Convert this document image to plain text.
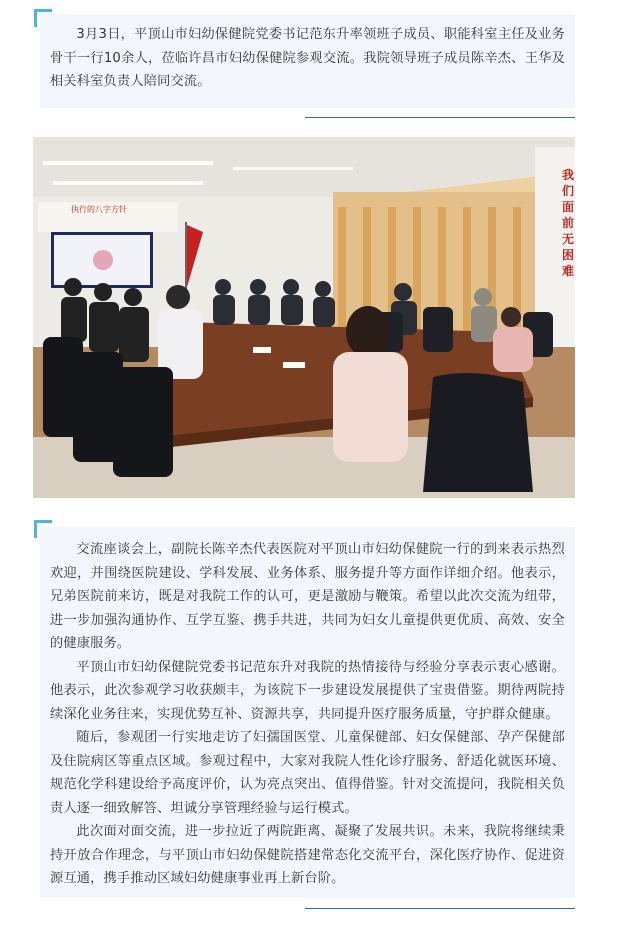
3月3日，平顶山市妇幼保健院党委书记范东升率领班子成员、职能科室主任及业务骨干一行10余人，莅临许昌市妇幼保健院参观交流。我院领导班子成员陈辛杰、王华及相关科室负责人陪同交流。

执行的八字方针
我们面前无困难

交流座谈会上，副院长陈辛杰代表医院对平顶山市妇幼保健院一行的到来表示热烈欢迎，并围绕医院建设、学科发展、业务体系、服务提升等方面作详细介绍。他表示，兄弟医院前来访，既是对我院工作的认可，更是激励与鞭策。希望以此次交流为纽带，进一步加强沟通协作、互学互鉴、携手共进，共同为妇女儿童提供更优质、高效、安全的健康服务。

平顶山市妇幼保健院党委书记范东升对我院的热情接待与经验分享表示衷心感谢。他表示，此次参观学习收获颇丰，为该院下一步建设发展提供了宝贵借鉴。期待两院持续深化业务往来，实现优势互补、资源共享，共同提升医疗服务质量，守护群众健康。

随后，参观团一行实地走访了妇孺国医堂、儿童保健部、妇女保健部、孕产保健部及住院病区等重点区域。参观过程中，大家对我院人性化诊疗服务、舒适化就医环境、规范化学科建设给予高度评价，认为亮点突出、值得借鉴。针对交流提问，我院相关负责人逐一细致解答、坦诚分享管理经验与运行模式。

此次面对面交流，进一步拉近了两院距离、凝聚了发展共识。未来，我院将继续秉持开放合作理念，与平顶山市妇幼保健院搭建常态化交流平台，深化医疗协作、促进资源互通，携手推动区域妇幼健康事业再上新台阶。
